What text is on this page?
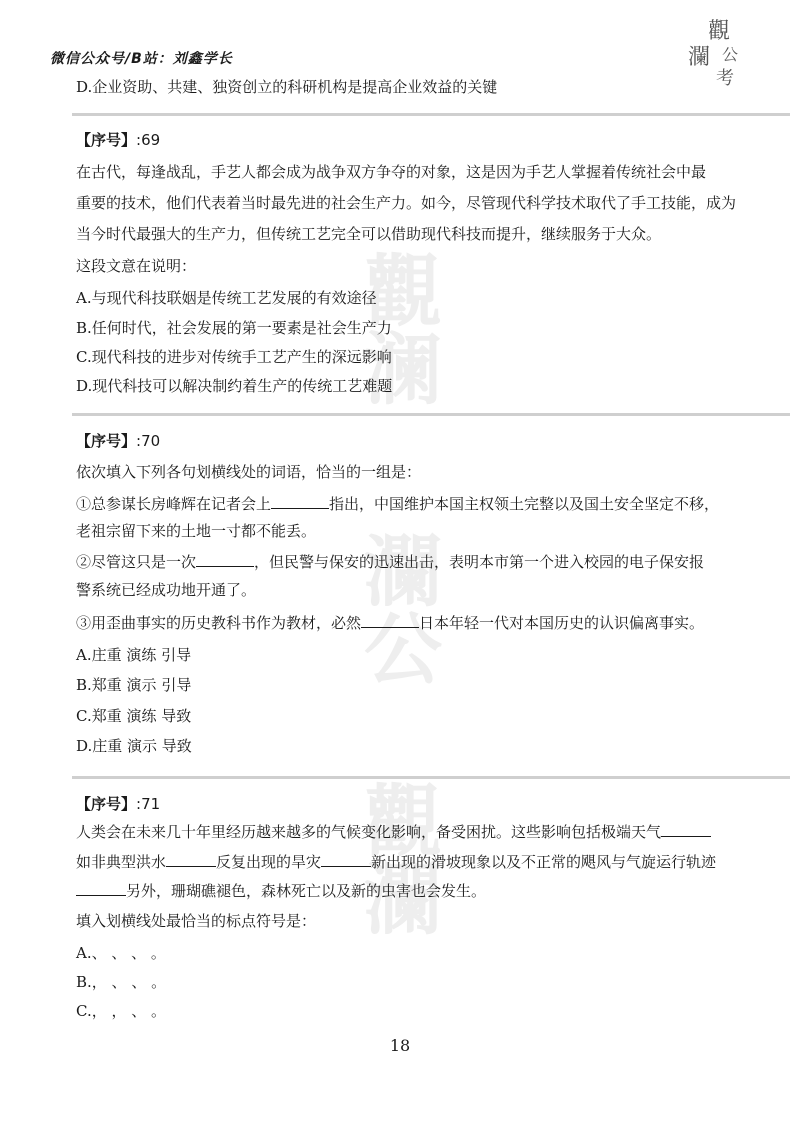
觀澜
瀾公
觀瀾
觀
瀾 公
考
微信公众号/B站：刘鑫学长
D.企业资助、共建、独资创立的科研机构是提高企业效益的关键
【序号】:69
在古代，每逢战乱，手艺人都会成为战争双方争夺的对象，这是因为手艺人掌握着传统社会中最
重要的技术，他们代表着当时最先进的社会生产力。如今，尽管现代科学技术取代了手工技能，成为
当今时代最强大的生产力，但传统工艺完全可以借助现代科技而提升，继续服务于大众。
这段文意在说明：
A.与现代科技联姻是传统工艺发展的有效途径
B.任何时代，社会发展的第一要素是社会生产力
C.现代科技的进步对传统手工艺产生的深远影响
D.现代科技可以解决制约着生产的传统工艺难题
【序号】:70
依次填入下列各句划横线处的词语，恰当的一组是：
①总参谋长房峰辉在记者会上	指出，中国维护本国主权领土完整以及国土安全坚定不移，
老祖宗留下来的土地一寸都不能丢。
②尽管这只是一次	，但民警与保安的迅速出击，表明本市第一个进入校园的电子保安报
警系统已经成功地开通了。
③用歪曲事实的历史教科书作为教材，必然	日本年轻一代对本国历史的认识偏离事实。
A.庄重 演练 引导
B.郑重 演示 引导
C.郑重 演练 导致
D.庄重 演示 导致
【序号】:71
人类会在未来几十年里经历越来越多的气候变化影响，备受困扰。这些影响包括极端天气
如非典型洪水	反复出现的旱灾	新出现的滑坡现象以及不正常的飓风与气旋运行轨迹
另外，珊瑚礁褪色，森林死亡以及新的虫害也会发生。
填入划横线处最恰当的标点符号是：
A.、 、 、 。
B.， 、 、 。
C.， ， 、 。
18
